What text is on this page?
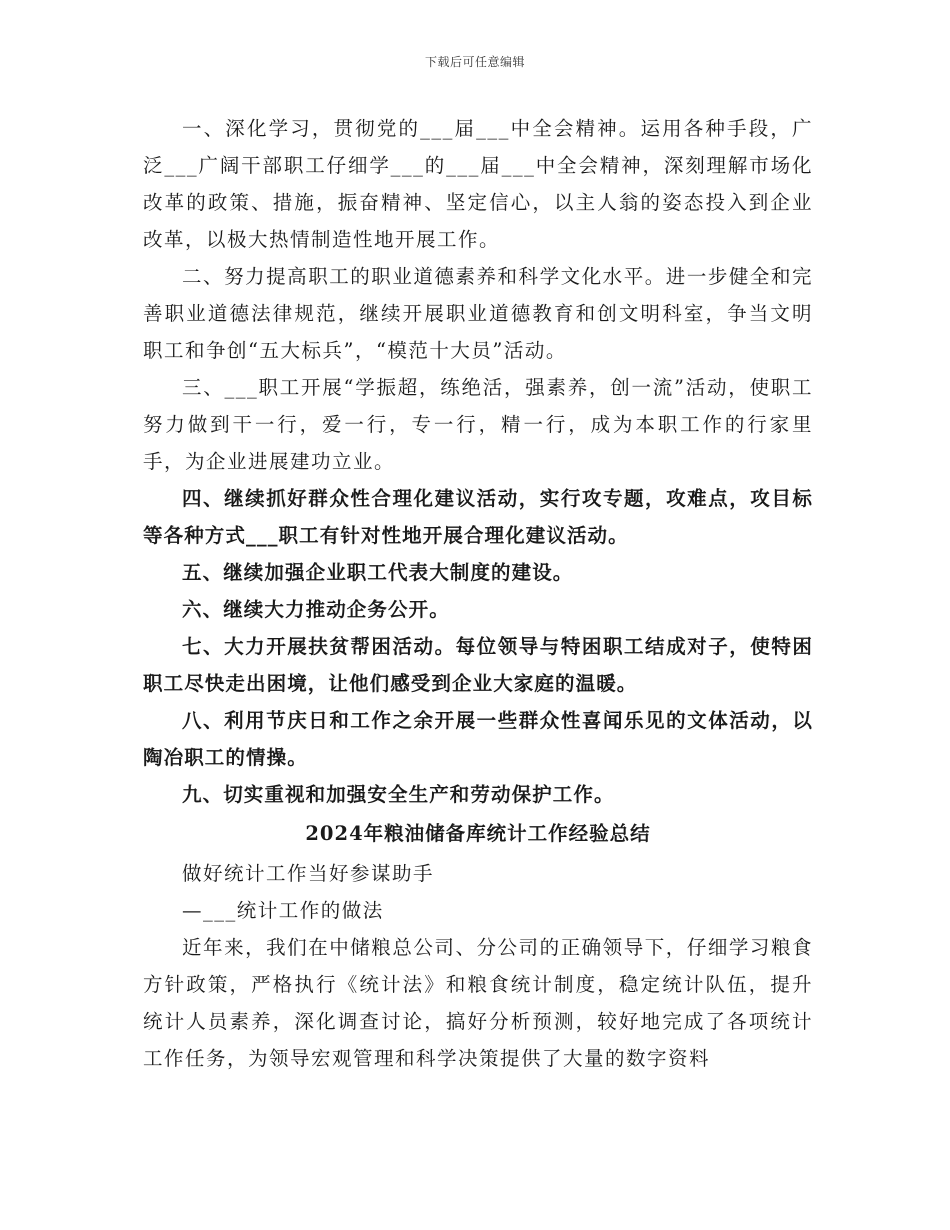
下载后可任意编辑

一、深化学习，贯彻党的___届___中全会精神。运用各种手段，广泛___广阔干部职工仔细学___的___届___中全会精神，深刻理解市场化改革的政策、措施，振奋精神、坚定信心，以主人翁的姿态投入到企业改革，以极大热情制造性地开展工作。

二、努力提高职工的职业道德素养和科学文化水平。进一步健全和完善职业道德法律规范，继续开展职业道德教育和创文明科室，争当文明职工和争创“五大标兵”，“模范十大员”活动。

三、___职工开展“学振超，练绝活，强素养，创一流”活动，使职工努力做到干一行，爱一行，专一行，精一行，成为本职工作的行家里手，为企业进展建功立业。

四、继续抓好群众性合理化建议活动，实行攻专题，攻难点，攻目标等各种方式___职工有针对性地开展合理化建议活动。

五、继续加强企业职工代表大制度的建设。

六、继续大力推动企务公开。

七、大力开展扶贫帮困活动。每位领导与特困职工结成对子，使特困职工尽快走出困境，让他们感受到企业大家庭的温暖。

八、利用节庆日和工作之余开展一些群众性喜闻乐见的文体活动，以陶冶职工的情操。

九、切实重视和加强安全生产和劳动保护工作。

2024年粮油储备库统计工作经验总结

做好统计工作当好参谋助手

—___统计工作的做法

近年来，我们在中储粮总公司、分公司的正确领导下，仔细学习粮食方针政策，严格执行《统计法》和粮食统计制度，稳定统计队伍，提升统计人员素养，深化调查讨论，搞好分析预测，较好地完成了各项统计工作任务，为领导宏观管理和科学决策提供了大量的数字资料
